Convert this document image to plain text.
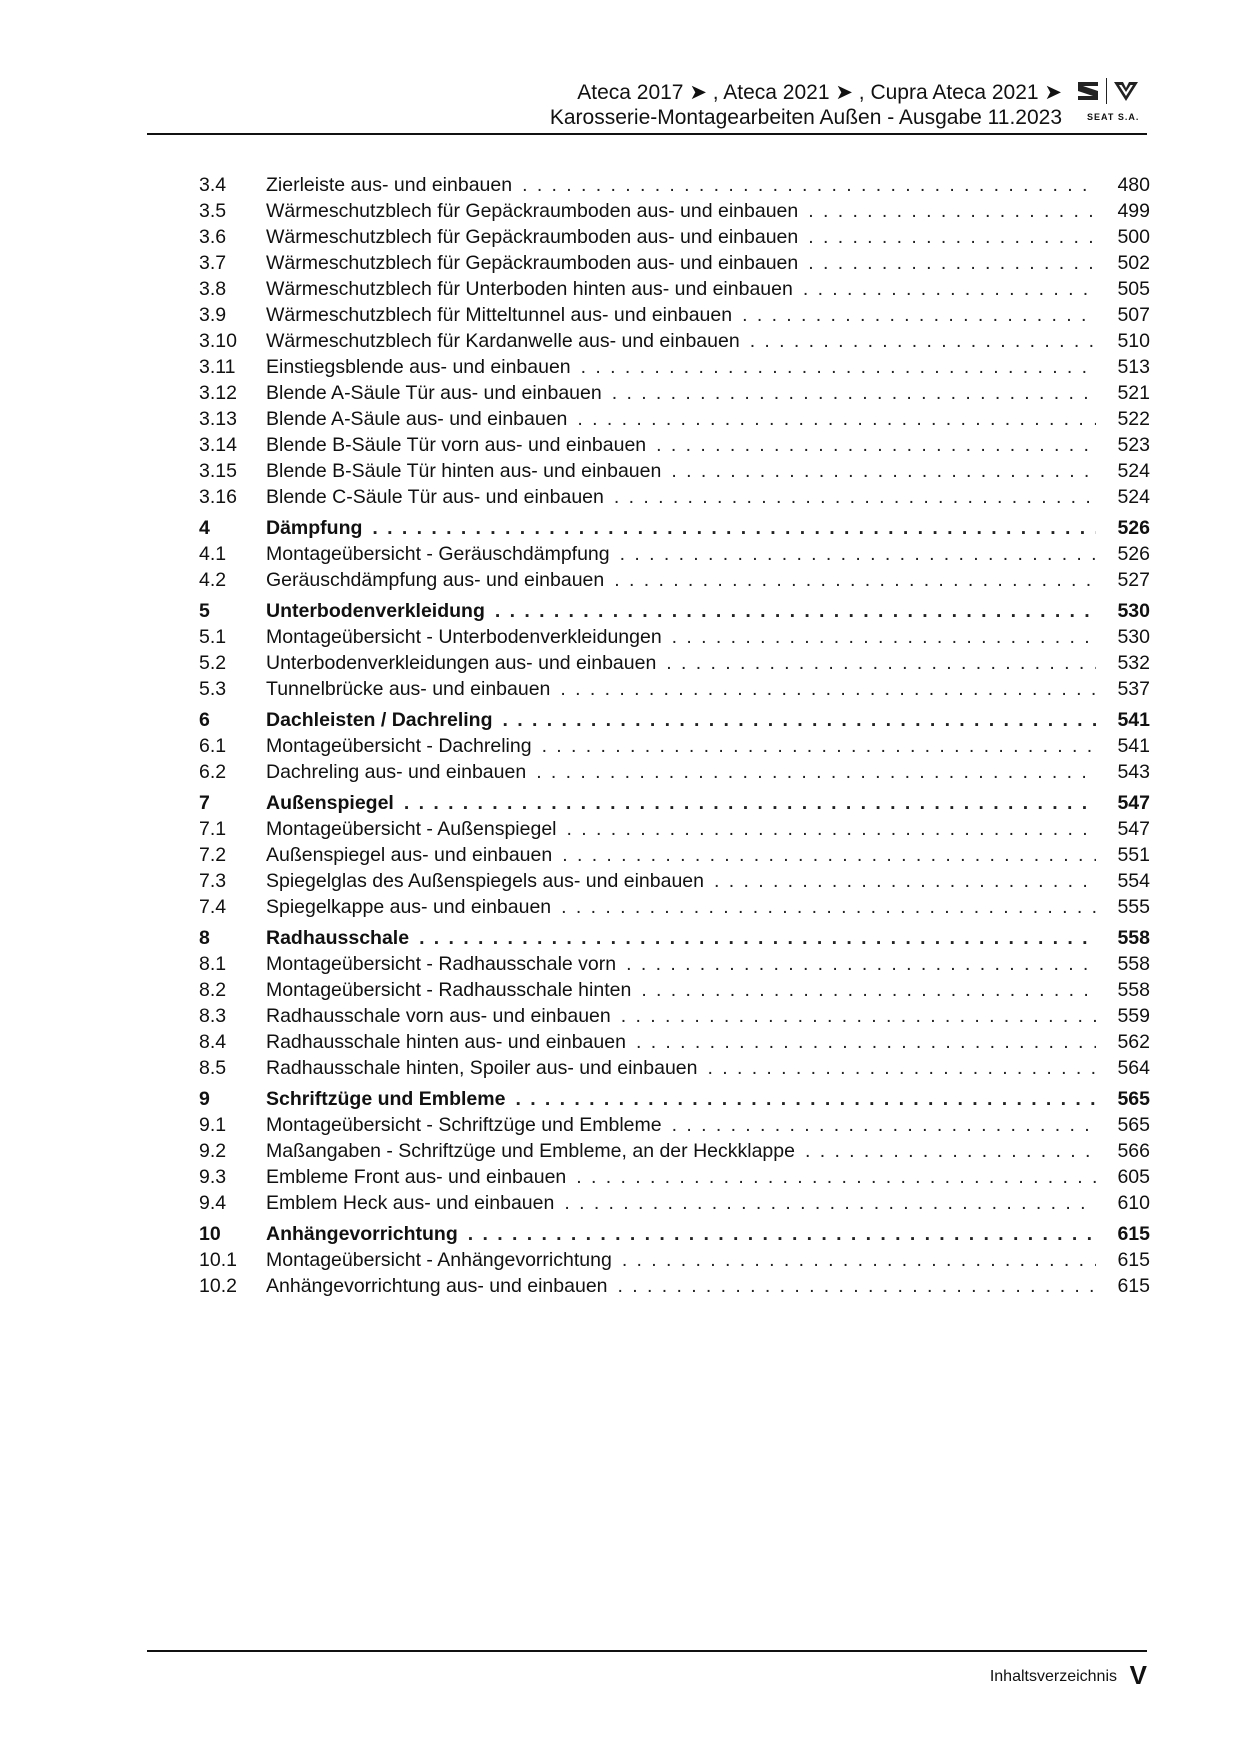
Ateca 2017 ➤ , Ateca 2021 ➤ , Cupra Ateca 2021 ➤
Karosserie-Montagearbeiten Außen - Ausgabe 11.2023	SEAT S.A.
3.4	Zierleiste aus- und einbauen . . .	480
3.5	Wärmeschutzblech für Gepäckraumboden aus- und einbauen . . .	499
3.6	Wärmeschutzblech für Gepäckraumboden aus- und einbauen . . .	500
3.7	Wärmeschutzblech für Gepäckraumboden aus- und einbauen . . .	502
3.8	Wärmeschutzblech für Unterboden hinten aus- und einbauen . . .	505
3.9	Wärmeschutzblech für Mitteltunnel aus- und einbauen . . .	507
3.10	Wärmeschutzblech für Kardanwelle aus- und einbauen . . .	510
3.11	Einstiegsblende aus- und einbauen . . .	513
3.12	Blende A-Säule Tür aus- und einbauen . . .	521
3.13	Blende A-Säule aus- und einbauen . . .	522
3.14	Blende B-Säule Tür vorn aus- und einbauen . . .	523
3.15	Blende B-Säule Tür hinten aus- und einbauen . . .	524
3.16	Blende C-Säule Tür aus- und einbauen . . .	524
4	Dämpfung . . .	526
4.1	Montageübersicht - Geräuschdämpfung . . .	526
4.2	Geräuschdämpfung aus- und einbauen . . .	527
5	Unterbodenverkleidung . . .	530
5.1	Montageübersicht - Unterbodenverkleidungen . . .	530
5.2	Unterbodenverkleidungen aus- und einbauen . . .	532
5.3	Tunnelbrücke aus- und einbauen . . .	537
6	Dachleisten / Dachreling . . .	541
6.1	Montageübersicht - Dachreling . . .	541
6.2	Dachreling aus- und einbauen . . .	543
7	Außenspiegel . . .	547
7.1	Montageübersicht - Außenspiegel . . .	547
7.2	Außenspiegel aus- und einbauen . . .	551
7.3	Spiegelglas des Außenspiegels aus- und einbauen . . .	554
7.4	Spiegelkappe aus- und einbauen . . .	555
8	Radhausschale . . .	558
8.1	Montageübersicht - Radhausschale vorn . . .	558
8.2	Montageübersicht - Radhausschale hinten . . .	558
8.3	Radhausschale vorn aus- und einbauen . . .	559
8.4	Radhausschale hinten aus- und einbauen . . .	562
8.5	Radhausschale hinten, Spoiler aus- und einbauen . . .	564
9	Schriftzüge und Embleme . . .	565
9.1	Montageübersicht - Schriftzüge und Embleme . . .	565
9.2	Maßangaben - Schriftzüge und Embleme, an der Heckklappe . . .	566
9.3	Embleme Front aus- und einbauen . . .	605
9.4	Emblem Heck aus- und einbauen . . .	610
10	Anhängevorrichtung . . .	615
10.1	Montageübersicht - Anhängevorrichtung . . .	615
10.2	Anhängevorrichtung aus- und einbauen . . .	615
Inhaltsverzeichnis V
